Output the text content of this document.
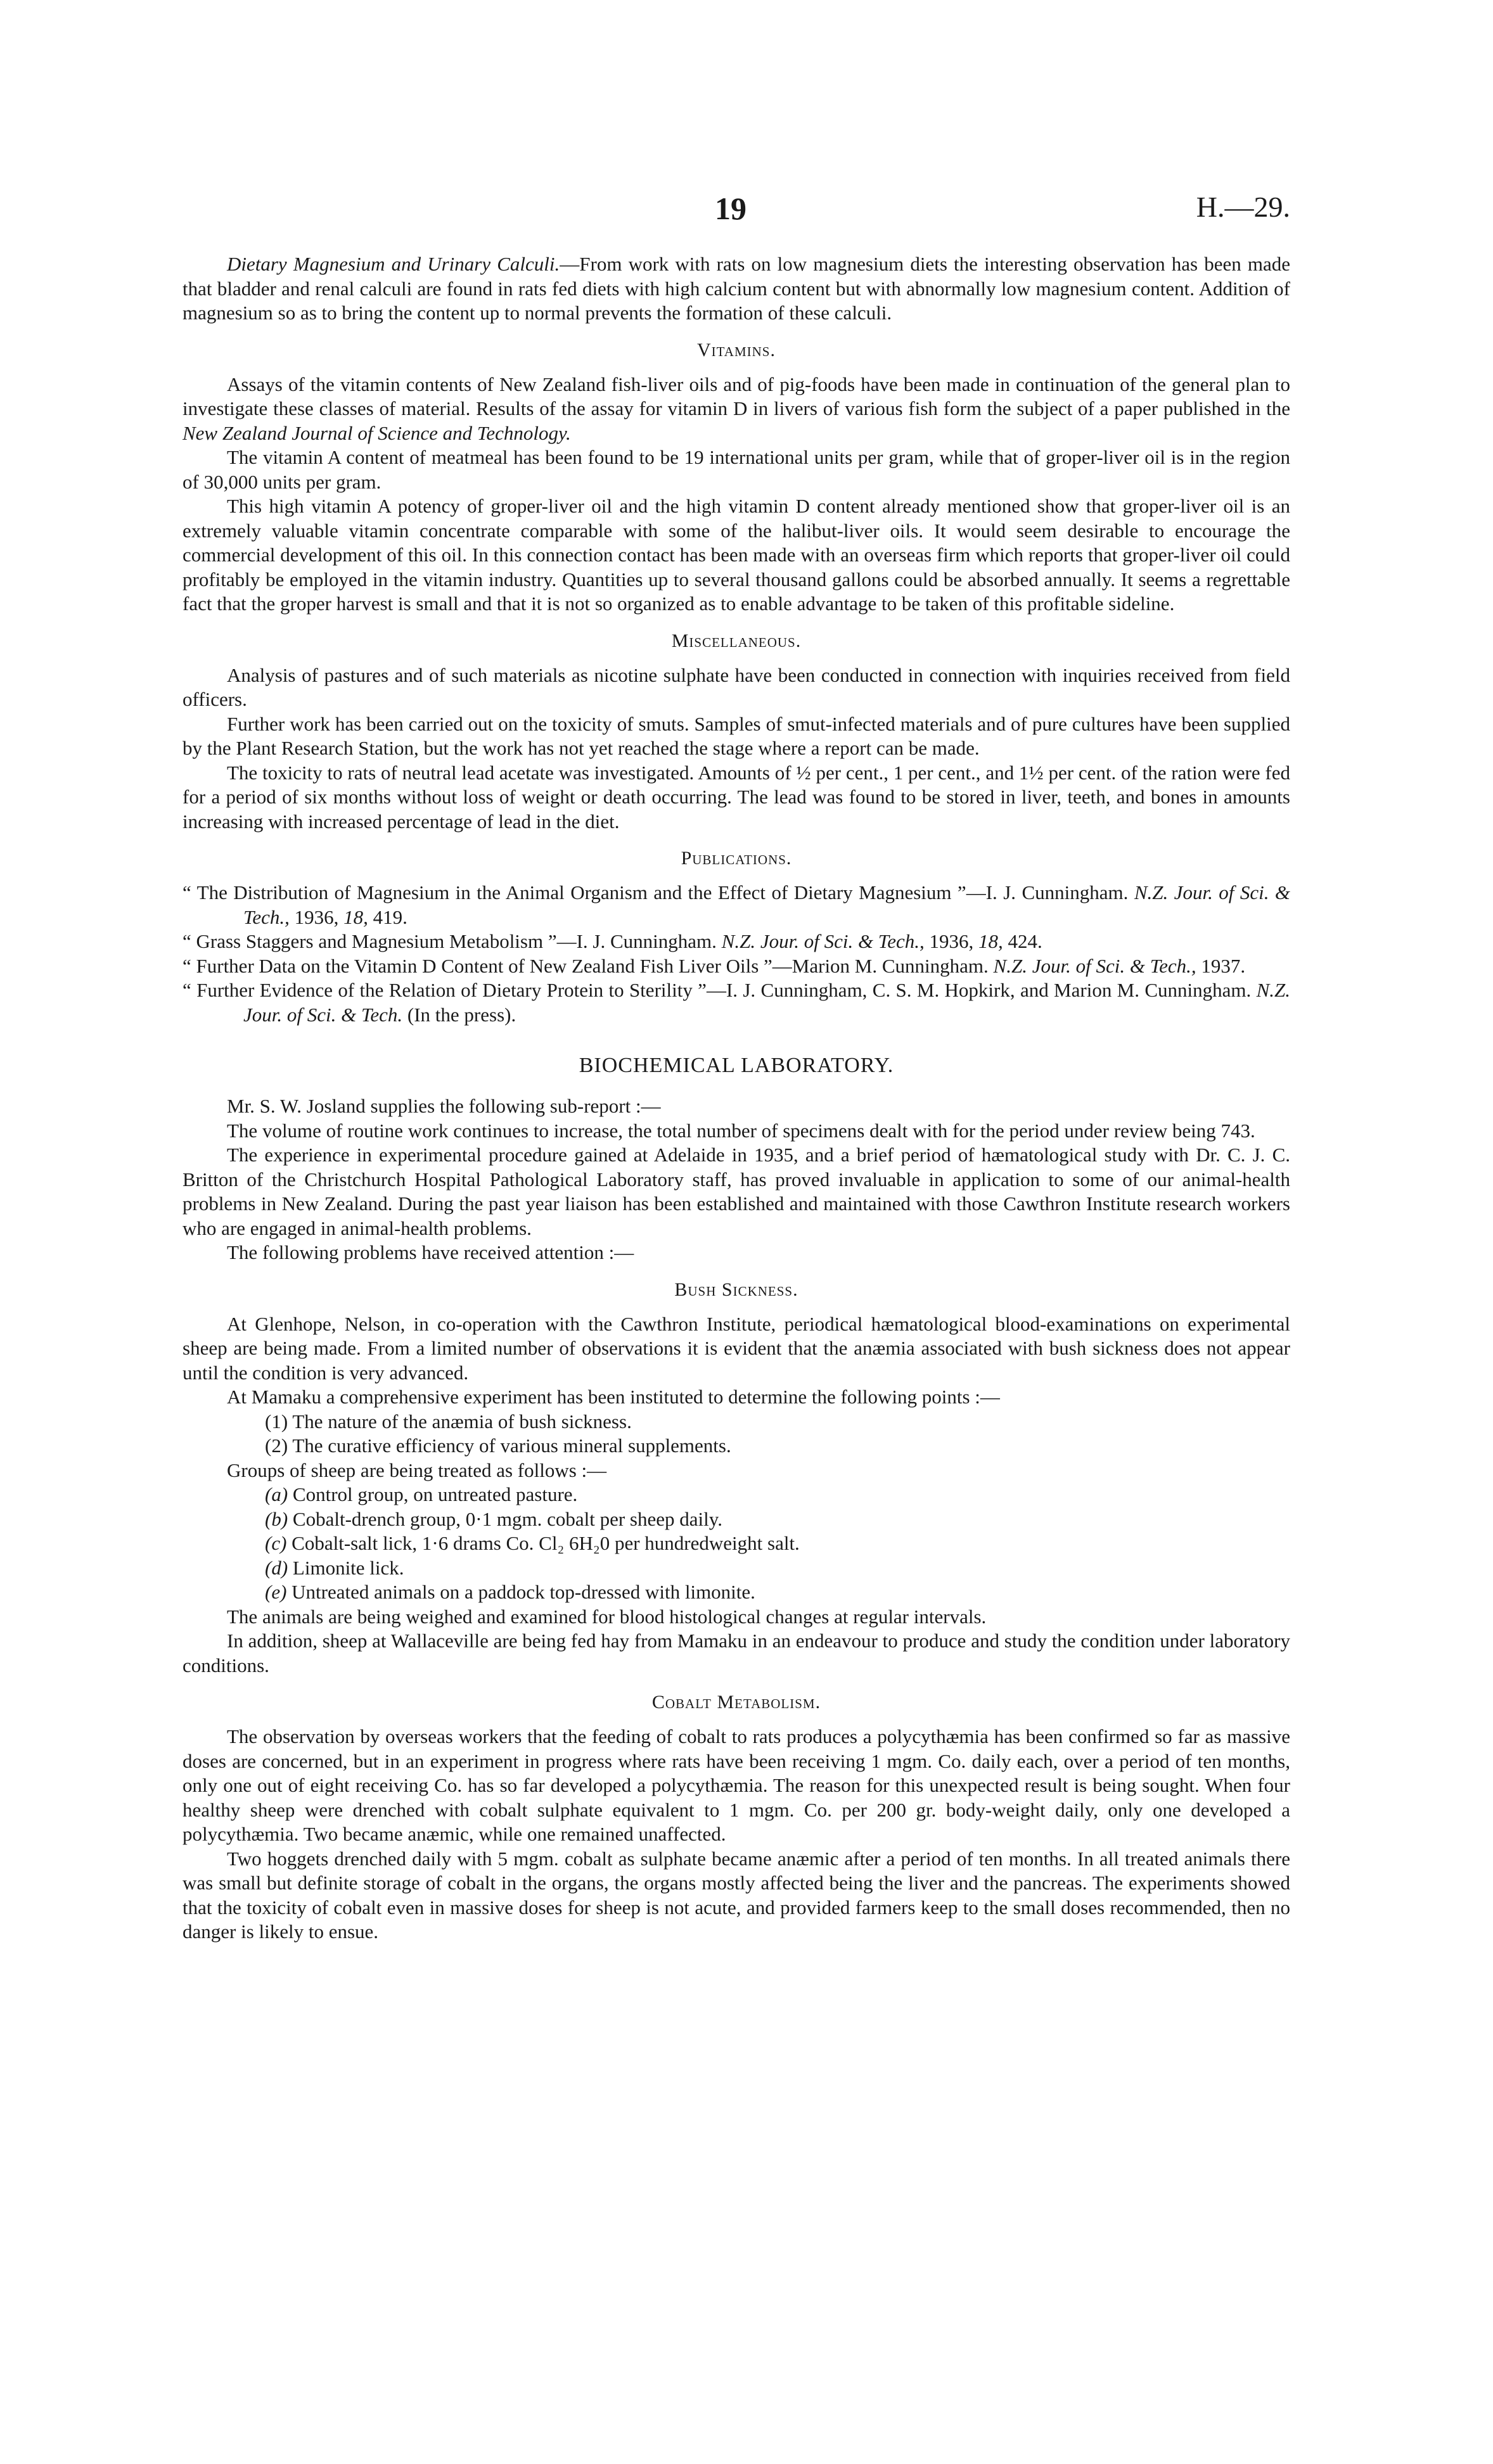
19	H.—29.

Dietary Magnesium and Urinary Calculi.—From work with rats on low magnesium diets the interesting observation has been made that bladder and renal calculi are found in rats fed diets with high calcium content but with abnormally low magnesium content. Addition of magnesium so as to bring the content up to normal prevents the formation of these calculi.

Vitamins.

Assays of the vitamin contents of New Zealand fish-liver oils and of pig-foods have been made in continuation of the general plan to investigate these classes of material. Results of the assay for vitamin D in livers of various fish form the subject of a paper published in the New Zealand Journal of Science and Technology.

The vitamin A content of meatmeal has been found to be 19 international units per gram, while that of groper-liver oil is in the region of 30,000 units per gram.

This high vitamin A potency of groper-liver oil and the high vitamin D content already mentioned show that groper-liver oil is an extremely valuable vitamin concentrate comparable with some of the halibut-liver oils. It would seem desirable to encourage the commercial development of this oil. In this connection contact has been made with an overseas firm which reports that groper-liver oil could profitably be employed in the vitamin industry. Quantities up to several thousand gallons could be absorbed annually. It seems a regrettable fact that the groper harvest is small and that it is not so organized as to enable advantage to be taken of this profitable sideline.

Miscellaneous.

Analysis of pastures and of such materials as nicotine sulphate have been conducted in connection with inquiries received from field officers.

Further work has been carried out on the toxicity of smuts. Samples of smut-infected materials and of pure cultures have been supplied by the Plant Research Station, but the work has not yet reached the stage where a report can be made.

The toxicity to rats of neutral lead acetate was investigated. Amounts of ½ per cent., 1 per cent., and 1½ per cent. of the ration were fed for a period of six months without loss of weight or death occurring. The lead was found to be stored in liver, teeth, and bones in amounts increasing with increased percentage of lead in the diet.

Publications.

“ The Distribution of Magnesium in the Animal Organism and the Effect of Dietary Magnesium ”—I. J. Cunningham. N.Z. Jour. of Sci. & Tech., 1936, 18, 419.

“ Grass Staggers and Magnesium Metabolism ”—I. J. Cunningham. N.Z. Jour. of Sci. & Tech., 1936, 18, 424.

“ Further Data on the Vitamin D Content of New Zealand Fish Liver Oils ”—Marion M. Cunningham. N.Z. Jour. of Sci. & Tech., 1937.

“ Further Evidence of the Relation of Dietary Protein to Sterility ”—I. J. Cunningham, C. S. M. Hopkirk, and Marion M. Cunningham. N.Z. Jour. of Sci. & Tech. (In the press).

BIOCHEMICAL LABORATORY.

Mr. S. W. Josland supplies the following sub-report :—

The volume of routine work continues to increase, the total number of specimens dealt with for the period under review being 743.

The experience in experimental procedure gained at Adelaide in 1935, and a brief period of hæmatological study with Dr. C. J. C. Britton of the Christchurch Hospital Pathological Laboratory staff, has proved invaluable in application to some of our animal-health problems in New Zealand. During the past year liaison has been established and maintained with those Cawthron Institute research workers who are engaged in animal-health problems.

The following problems have received attention :—

Bush Sickness.

At Glenhope, Nelson, in co-operation with the Cawthron Institute, periodical hæmatological blood-examinations on experimental sheep are being made. From a limited number of observations it is evident that the anæmia associated with bush sickness does not appear until the condition is very advanced.

At Mamaku a comprehensive experiment has been instituted to determine the following points :—

(1) The nature of the anæmia of bush sickness.
(2) The curative efficiency of various mineral supplements.

Groups of sheep are being treated as follows :—

(a) Control group, on untreated pasture.
(b) Cobalt-drench group, 0·1 mgm. cobalt per sheep daily.
(c) Cobalt-salt lick, 1·6 drams Co. Cl₂ 6H₂0 per hundredweight salt.
(d) Limonite lick.
(e) Untreated animals on a paddock top-dressed with limonite.

The animals are being weighed and examined for blood histological changes at regular intervals.

In addition, sheep at Wallaceville are being fed hay from Mamaku in an endeavour to produce and study the condition under laboratory conditions.

Cobalt Metabolism.

The observation by overseas workers that the feeding of cobalt to rats produces a polycythæmia has been confirmed so far as massive doses are concerned, but in an experiment in progress where rats have been receiving 1 mgm. Co. daily each, over a period of ten months, only one out of eight receiving Co. has so far developed a polycythæmia. The reason for this unexpected result is being sought. When four healthy sheep were drenched with cobalt sulphate equivalent to 1 mgm. Co. per 200 gr. body-weight daily, only one developed a polycythæmia. Two became anæmic, while one remained unaffected.

Two hoggets drenched daily with 5 mgm. cobalt as sulphate became anæmic after a period of ten months. In all treated animals there was small but definite storage of cobalt in the organs, the organs mostly affected being the liver and the pancreas. The experiments showed that the toxicity of cobalt even in massive doses for sheep is not acute, and provided farmers keep to the small doses recommended, then no danger is likely to ensue.
